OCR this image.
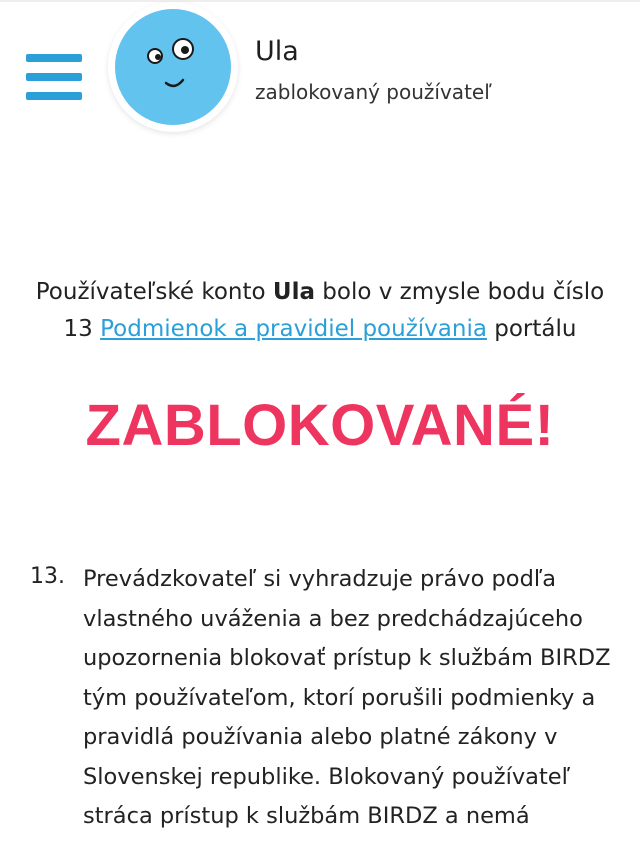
Ula
zablokovaný používateľ
Používateľské konto Ula bolo v zmysle bodu číslo 13 Podmienok a pravidiel používania portálu
ZABLOKOVANÉ!
13. Prevádzkovateľ si vyhradzuje právo podľa vlastného uváženia a bez predchádzajúceho upozornenia blokovať prístup k službám BIRDZ tým používateľom, ktorí porušili podmienky a pravidlá používania alebo platné zákony v Slovenskej republike. Blokovaný používateľ stráca prístup k službám BIRDZ a nemá
